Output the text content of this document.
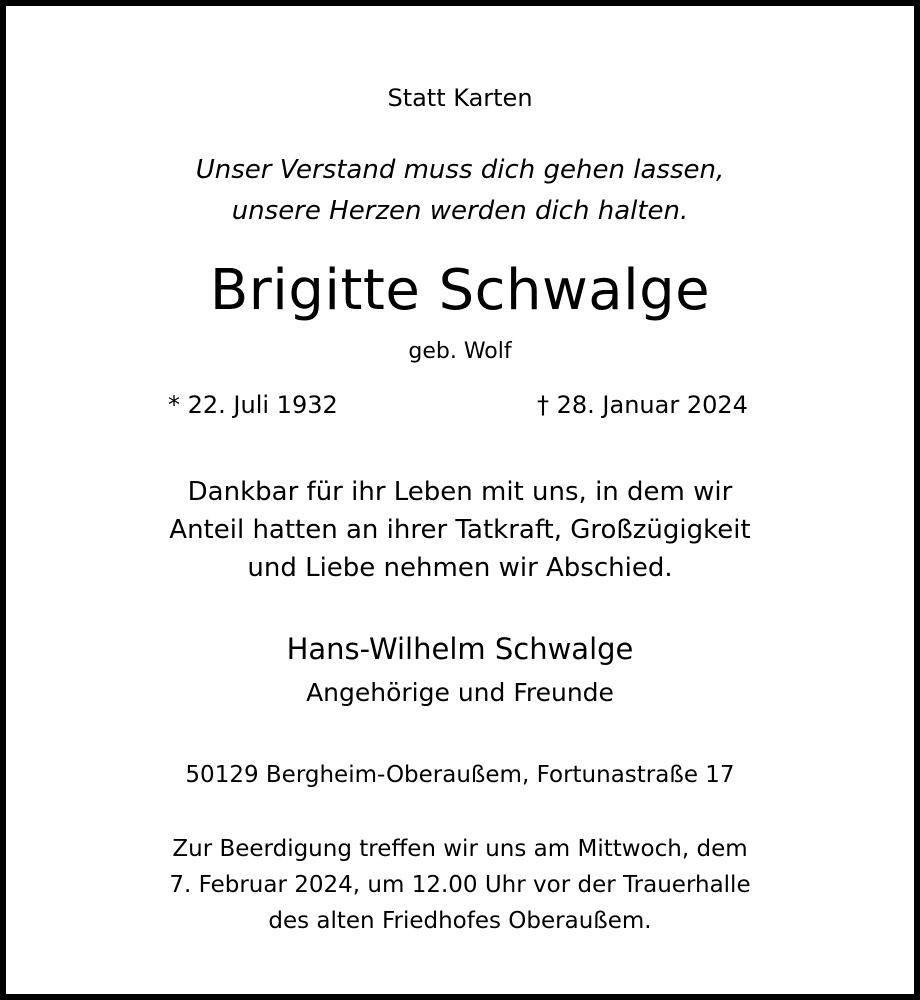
Statt Karten
Unser Verstand muss dich gehen lassen,
unsere Herzen werden dich halten.
Brigitte Schwalge
geb. Wolf
* 22. Juli 1932	† 28. Januar 2024
Dankbar für ihr Leben mit uns, in dem wir
Anteil hatten an ihrer Tatkraft, Großzügigkeit
und Liebe nehmen wir Abschied.
Hans-Wilhelm Schwalge
Angehörige und Freunde
50129 Bergheim-Oberaußem, Fortunastraße 17
Zur Beerdigung treffen wir uns am Mittwoch, dem
7. Februar 2024, um 12.00 Uhr vor der Trauerhalle
des alten Friedhofes Oberaußem.
